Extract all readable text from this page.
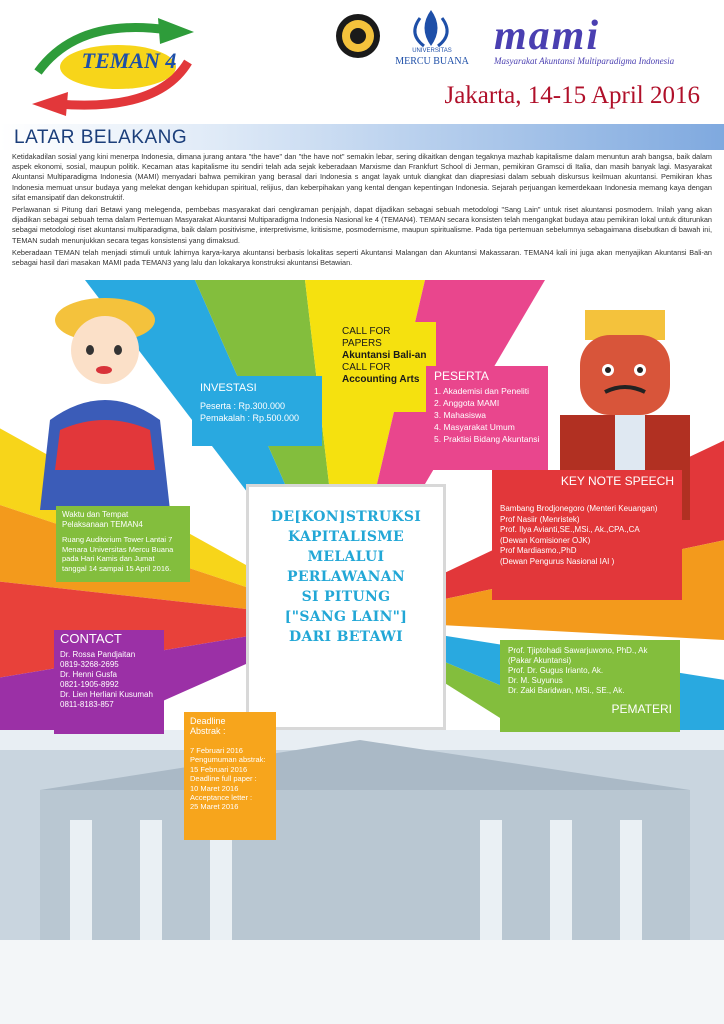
TEMAN 4	UNIVERSITAS
MERCU BUANA
mami
Masyarakat Akuntansi Multiparadigma Indonesia
Jakarta, 14-15 April 2016
LATAR BELAKANG

Ketidakadilan sosial yang kini menerpa Indonesia, dimana jurang antara "the have" dan "the have not" semakin lebar, sering dikaitkan dengan tegaknya mazhab kapitalisme dalam menuntun arah bangsa, baik dalam aspek ekonomi, sosial, maupun politik. Kecaman atas kapitalisme itu sendiri telah ada sejak keberadaan Marxisme dan Frankfurt School di Jerman, pemikiran Gramsci di Italia, dan masih banyak lagi. Masyarakat Akuntansi Multiparadigma Indonesia (MAMI) menyadari bahwa pemikiran yang berasal dari Indonesia s angat layak untuk diangkat dan diapresiasi dalam sebuah diskursus keilmuan akuntansi. Pemikiran khas Indonesia memuat unsur budaya yang melekat dengan kehidupan spiritual, relijius, dan keberpihakan yang kental dengan kepentingan Indonesia. Sejarah perjuangan kemerdekaan Indonesia memang kaya dengan sifat emansipatif dan dekonstruktif.

Perlawanan si Pitung dari Betawi yang melegenda, pembebas masyarakat dari cengkraman penjajah, dapat dijadikan sebagai sebuah metodologi "Sang Lain" untuk riset akuntansi posmodern. Inilah yang akan dijadikan sebagai sebuah tema dalam Pertemuan Masyarakat Akuntansi Multiparadigma Indonesia Nasional ke 4 (TEMAN4). TEMAN secara konsisten telah mengangkat budaya atau pemikiran lokal untuk diturunkan sebagai metodologi riset akuntansi multiparadigma, baik dalam positivisme, interpretivisme, kritisisme, posmodernisme, maupun spiritualisme. Pada tiga pertemuan sebelumnya sebagaimana disebutkan di bawah ini, TEMAN sudah menunjukkan secara tegas konsistensi yang dimaksud.

Keberadaan TEMAN telah menjadi stimuli untuk lahirnya karya-karya akuntansi berbasis lokalitas seperti Akuntansi Malangan dan Akuntansi Makassaran. TEMAN4 kali ini juga akan menyajikan Akuntansi Bali-an sebagai hasil dari masakan MAMI pada TEMAN3 yang lalu dan lokakarya konstruksi akuntansi Betawian.

CALL FOR PAPERS
Akuntansi Bali-an
CALL FOR
Accounting Arts
INVESTASI
Peserta : Rp.300.000
Pemakalah : Rp.500.000
PESERTA
1. Akademisi dan Peneliti
2. Anggota MAMI
3. Mahasiswa
4. Masyarakat Umum
5. Praktisi Bidang Akuntansi
KEY NOTE SPEECH
Bambang Brodjonegoro (Menteri Keuangan)
Prof Nasiir (Menristek)
Prof. Ilya Avianti,SE.,MSi., Ak.,CPA.,CA
(Dewan Komisioner OJK)
Prof Mardiasmo.,PhD
(Dewan Pengurus Nasional IAI )
Waktu dan Tempat
Pelaksanaan TEMAN4
Ruang Auditorium Tower Lantai 7
Menara Universitas Mercu Buana
pada Hari Kamis dan Jumat
tanggal 14 sampai 15 April 2016.
DE[KON]STRUKSI
KAPITALISME
MELALUI
PERLAWANAN
SI PITUNG
["SANG LAIN"]
DARI BETAWI
CONTACT
Dr. Rossa Pandjaitan
0819-3268-2695
Dr. Henni Gusfa
0821-1905-8992
Dr. Lien Herliani Kusumah
0811-8183-857
Prof. Tjiptohadi Sawarjuwono, PhD., Ak
(Pakar Akuntansi)
Prof. Dr. Gugus Irianto, Ak.
Dr. M. Suyunus
Dr. Zaki Baridwan, MSi., SE., Ak.
PEMATERI
Deadline
Abstrak :
7 Februari 2016
Pengumuman abstrak:
15 Februari 2016
Deadline full paper :
10 Maret 2016
Acceptance letter :
25 Maret 2016
